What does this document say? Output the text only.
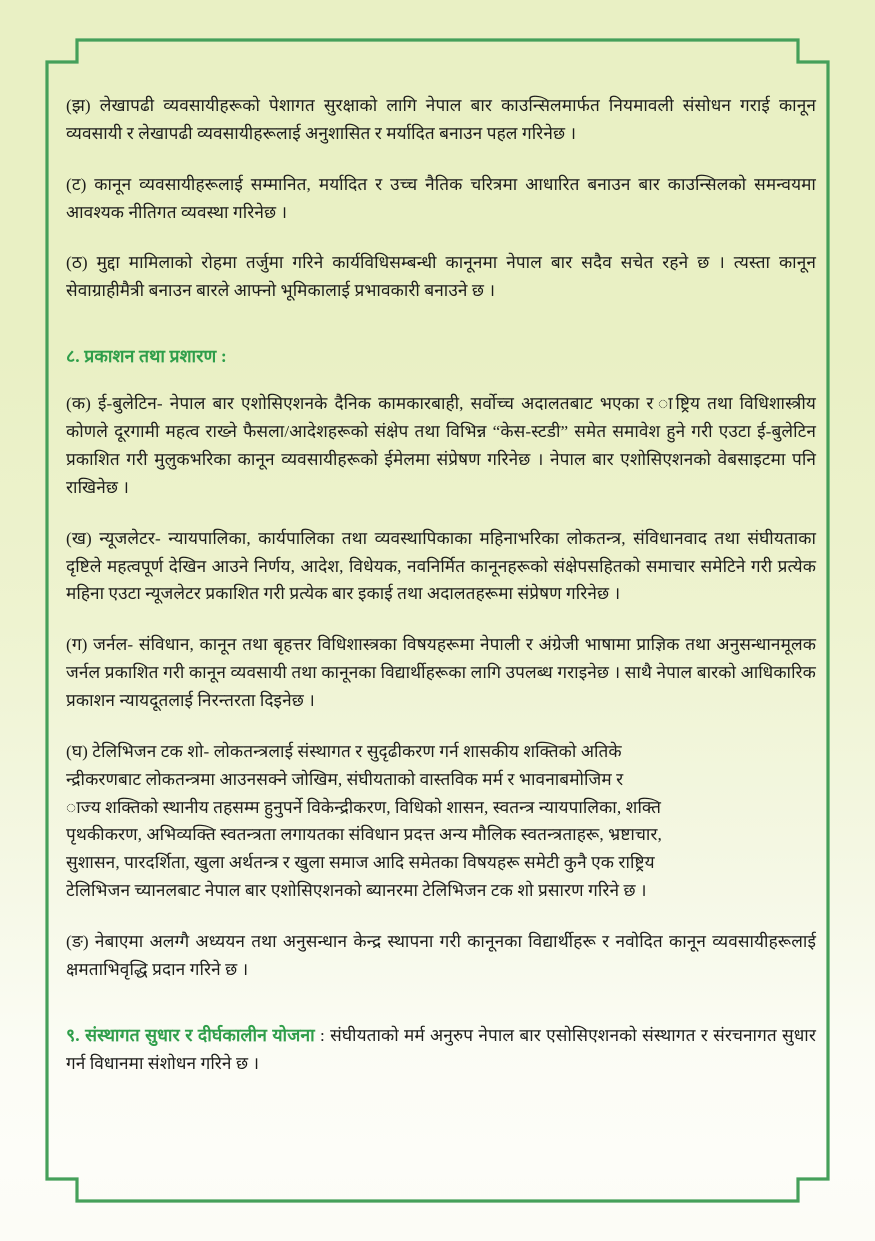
(झ) लेखापढी व्यवसायीहरूको पेशागत सुरक्षाको लागि नेपाल बार काउन्सिलमार्फत नियमावली संसोधन गराई कानून व्यवसायी र लेखापढी व्यवसायीहरूलाई अनुशासित र मर्यादित बनाउन पहल गरिनेछ ।

(ट) कानून व्यवसायीहरूलाई सम्मानित, मर्यादित र उच्च नैतिक चरित्रमा आधारित बनाउन बार काउन्सिलको समन्वयमा आवश्यक नीतिगत व्यवस्था गरिनेछ ।

(ठ) मुद्दा मामिलाको रोहमा तर्जुमा गरिने कार्यविधिसम्बन्धी कानूनमा नेपाल बार सदैव सचेत रहने छ । त्यस्ता कानून सेवाग्राहीमैत्री बनाउन बारले आफ्नो भूमिकालाई प्रभावकारी बनाउने छ ।

८. प्रकाशन तथा प्रशारण :

(क) ई-बुलेटिन- नेपाल बार एशोसिएशनके दैनिक कामकारबाही, सर्वोच्च अदालतबाट भएका र ाष्ट्रिय तथा विधिशास्त्रीय कोणले दूरगामी महत्व राख्ने फैसला/आदेशहरूको संक्षेप तथा विभिन्न “केस-स्टडी” समेत समावेश हुने गरी एउटा ई-बुलेटिन प्रकाशित गरी मुलुकभरिका कानून व्यवसायीहरूको ईमेलमा संप्रेषण गरिनेछ । नेपाल बार एशोसिएशनको वेबसाइटमा पनि राखिनेछ ।

(ख) न्यूजलेटर- न्यायपालिका, कार्यपालिका तथा व्यवस्थापिकाका महिनाभरिका लोकतन्त्र, संविधानवाद तथा संघीयताका दृष्टिले महत्वपूर्ण देखिन आउने निर्णय, आदेश, विधेयक, नवनिर्मित कानूनहरूको संक्षेपसहितको समाचार समेटिने गरी प्रत्येक महिना एउटा न्यूजलेटर प्रकाशित गरी प्रत्येक बार इकाई तथा अदालतहरूमा संप्रेषण गरिनेछ ।

(ग) जर्नल- संविधान, कानून तथा बृहत्तर विधिशास्त्रका विषयहरूमा नेपाली र अंग्रेजी भाषामा प्राज्ञिक तथा अनुसन्धानमूलक जर्नल प्रकाशित गरी कानून व्यवसायी तथा कानूनका विद्यार्थीहरूका लागि उपलब्ध गराइनेछ । साथै नेपाल बारको आधिकारिक प्रकाशन न्यायदूतलाई निरन्तरता दिइनेछ ।

(घ) टेलिभिजन टक शो- लोकतन्त्रलाई संस्थागत र सुदृढीकरण गर्न शासकीय शक्तिको अतिके
न्द्रीकरणबाट लोकतन्त्रमा आउनसक्ने जोखिम, संघीयताको वास्तविक मर्म र भावनाबमोजिम र
ाज्य शक्तिको स्थानीय तहसम्म हुनुपर्ने विकेन्द्रीकरण, विधिको शासन, स्वतन्त्र न्यायपालिका, शक्ति
पृथकीकरण, अभिव्यक्ति स्वतन्त्रता लगायतका संविधान प्रदत्त अन्य मौलिक स्वतन्त्रताहरू, भ्रष्टाचार,
सुशासन, पारदर्शिता, खुला अर्थतन्त्र र खुला समाज आदि समेतका विषयहरू समेटी कुनै एक राष्ट्रिय
टेलिभिजन च्यानलबाट नेपाल बार एशोसिएशनको ब्यानरमा टेलिभिजन टक शो प्रसारण गरिने छ ।

(ङ) नेबाएमा अलग्गै अध्ययन तथा अनुसन्धान केन्द्र स्थापना गरी कानूनका विद्यार्थीहरू र नवोदित कानून व्यवसायीहरूलाई क्षमताभिवृद्धि प्रदान गरिने छ ।

९. संस्थागत सुधार र दीर्घकालीन योजना : संघीयताको मर्म अनुरुप नेपाल बार एसोसिएशनको संस्थागत र संरचनागत सुधार गर्न विधानमा संशोधन गरिने छ ।
